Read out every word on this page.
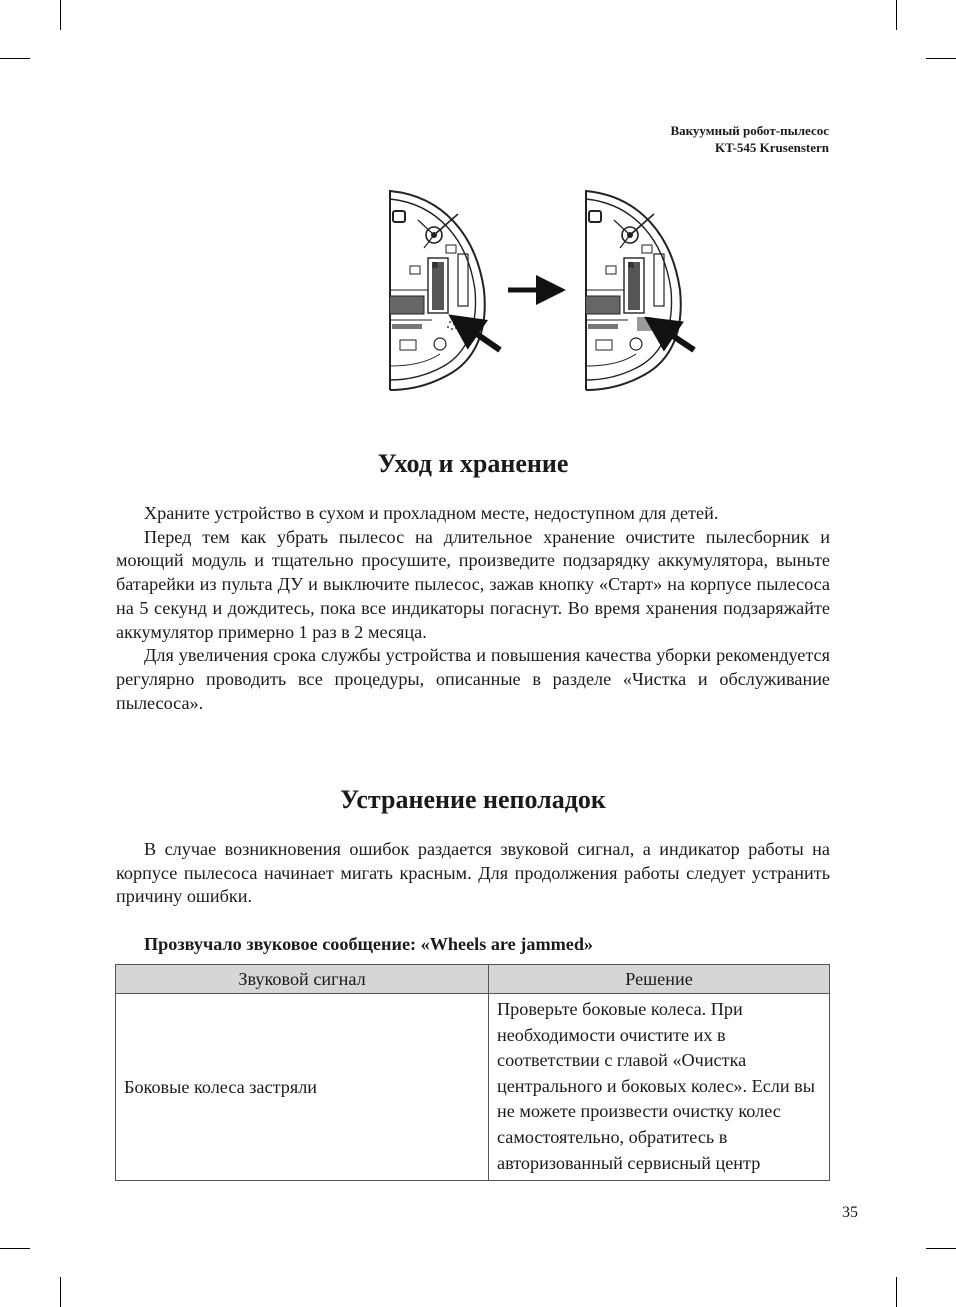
Вакуумный робот-пылесос
KT-545 Krusenstern
R	R
Уход и хранение

Храните устройство в сухом и прохладном месте, недоступном для детей.

Перед тем как убрать пылесос на длительное хранение очистите пылесборник и моющий модуль и тщательно просушите, произведите подзарядку аккумулятора, выньте батарейки из пульта ДУ и выключите пылесос, зажав кнопку «Старт» на корпусе пылесоса на 5 секунд и дождитесь, пока все индикаторы погаснут. Во время хранения подзаряжайте аккумулятор примерно 1 раз в 2 месяца.

Для увеличения срока службы устройства и повышения качества уборки рекомендуется регулярно проводить все процедуры, описанные в разделе «Чистка и обслуживание пылесоса».

Устранение неполадок

В случае возникновения ошибок раздается звуковой сигнал, а индикатор работы на корпусе пылесоса начинает мигать красным. Для продолжения работы следует устранить причину ошибки.

Прозвучало звуковое сообщение: «Wheels are jammed»
Звуковой сигнал	Решение
Боковые колеса застряли	Проверьте боковые колеса. При необходимости очистите их в соответствии с главой «Очистка центрального и боковых колес». Если вы не можете произвести очистку колес самостоятельно, обратитесь в авторизованный сервисный центр
35
